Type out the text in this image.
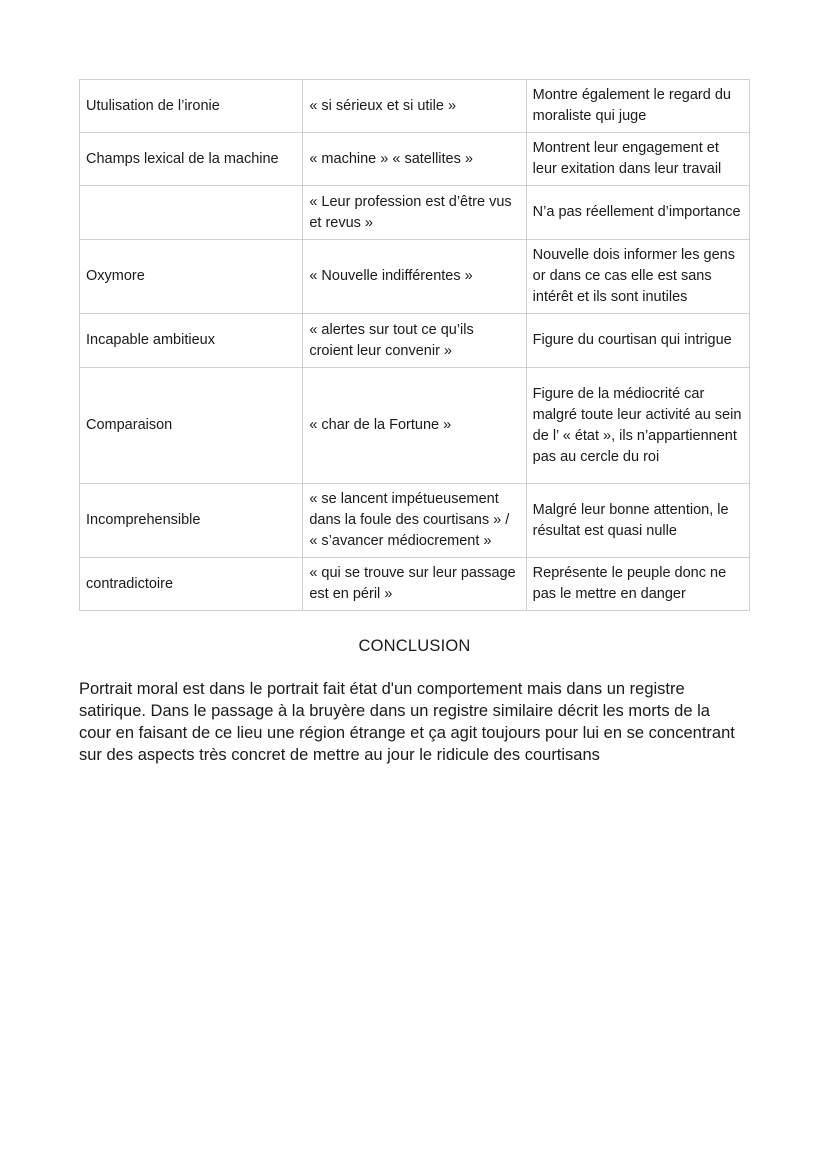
Utulisation de l’ironie	« si sérieux et si utile »	Montre également le regard du moraliste qui juge
Champs lexical de la machine	« machine » « satellites »	Montrent leur engagement et leur exitation dans leur travail
	« Leur profession est d’être vus et revus »	N’a pas réellement d’importance
Oxymore	« Nouvelle indifférentes »	Nouvelle dois informer les gens or dans ce cas elle est sans intérêt et ils sont inutiles
Incapable ambitieux	« alertes sur tout ce qu’ils croient leur convenir »	Figure du courtisan qui intrigue
Comparaison	« char de la Fortune »	Figure de la médiocrité car malgré toute leur activité au sein de l’ « état », ils n’appartiennent pas au cercle du roi
Incomprehensible	« se lancent impétueusement dans la foule des courtisans » / « s’avancer médiocrement »	Malgré leur bonne attention, le résultat est quasi nulle
contradictoire	« qui se trouve sur leur passage est en péril »	Représente le peuple donc ne pas le mettre en danger
CONCLUSION

Portrait moral est dans le portrait fait état d'un comportement mais dans un registre satirique. Dans le passage à la bruyère dans un registre similaire décrit les morts de la cour en faisant de ce lieu une région étrange et ça agit toujours pour lui en se concentrant sur des aspects très concret de mettre au jour le ridicule des courtisans
